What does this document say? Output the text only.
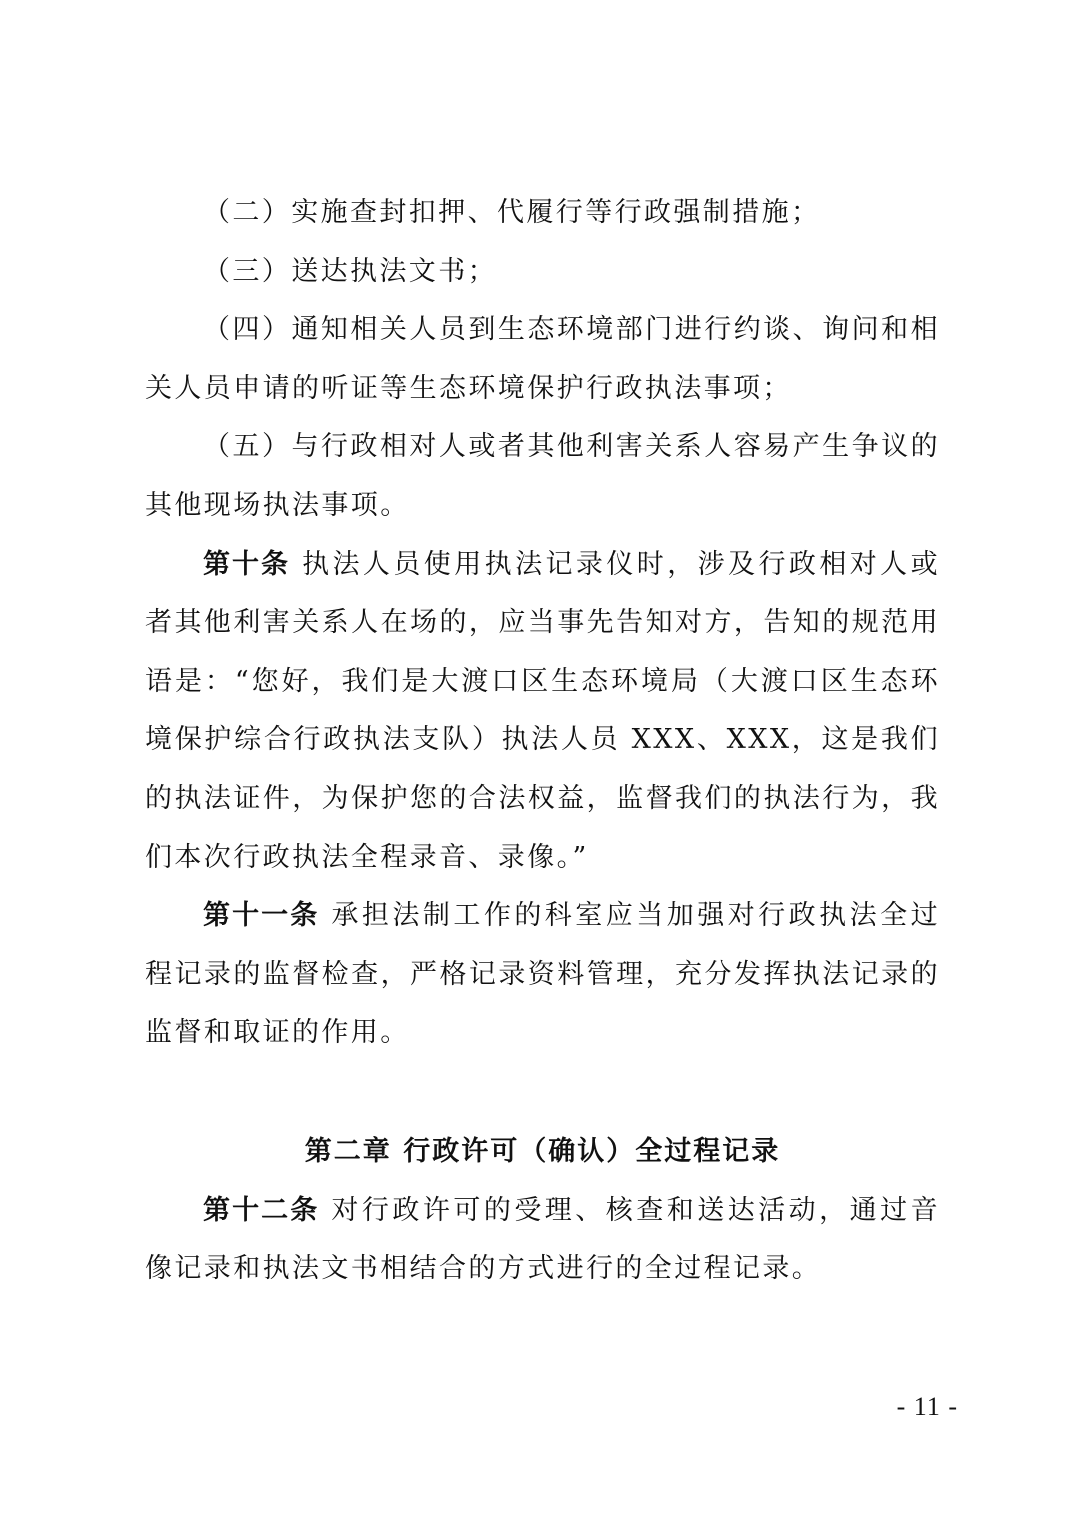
（二）实施查封扣押、代履行等行政强制措施；

（三）送达执法文书；

（四）通知相关人员到生态环境部门进行约谈、询问和相关人员申请的听证等生态环境保护行政执法事项；

（五）与行政相对人或者其他利害关系人容易产生争议的其他现场执法事项。

第十条 执法人员使用执法记录仪时，涉及行政相对人或者其他利害关系人在场的，应当事先告知对方，告知的规范用语是：“您好，我们是大渡口区生态环境局（大渡口区生态环境保护综合行政执法支队）执法人员 XXX、XXX，这是我们的执法证件，为保护您的合法权益，监督我们的执法行为，我们本次行政执法全程录音、录像。”

第十一条 承担法制工作的科室应当加强对行政执法全过程记录的监督检查，严格记录资料管理，充分发挥执法记录的监督和取证的作用。

第二章 行政许可（确认）全过程记录

第十二条 对行政许可的受理、核查和送达活动，通过音像记录和执法文书相结合的方式进行的全过程记录。

- 11 -
